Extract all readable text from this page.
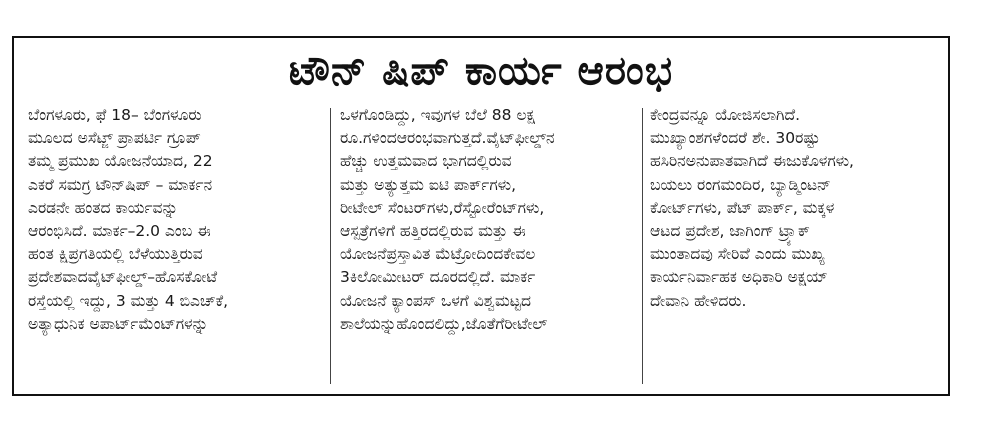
ಟೌನ್‌ ಷಿಪ್‌ ಕಾರ್ಯ ಆರಂಭ
ಬೆಂಗಳೂರು, ಫೆ 18– ಬೆಂಗಳೂರು
ಮೂಲದ ಅಸೆಟ್ಜ್‌ ಪ್ರಾಪರ್ಟಿ ಗ್ರೂಪ್‌
ತಮ್ಮ ಪ್ರಮುಖ ಯೋಜನೆಯಾದ, 22
ಎಕರೆ ಸಮಗ್ರ ಟೌನ್‌ಷಿಪ್‌ – ಮಾರ್ಕನ
ಎರಡನೇ ಹಂತದ ಕಾರ್ಯವನ್ನು
ಆರಂಭಿಸಿದೆ. ಮಾರ್ಕ–2.0 ಎಂಬ ಈ
ಹಂತ ಕ್ಷಿಪ್ರಗತಿಯಲ್ಲಿ ಬೆಳೆಯುತ್ತಿರುವ
ಪ್ರದೇಶವಾದವೈಟ್‌ಫೀಲ್ಡ್‌–ಹೊಸಕೋಟೆ
ರಸ್ತೆಯಲ್ಲಿ ಇದ್ದು, 3 ಮತ್ತು 4 ಬಿಎಚ್‌ಕೆ,
ಅತ್ಯಾಧುನಿಕ ಅಪಾರ್ಟ್‌ಮೆಂಟ್‌ಗಳನ್ನು
ಒಳಗೊಂಡಿದ್ದು, ಇವುಗಳ ಬೆಲೆ 88 ಲಕ್ಷ
ರೂ.ಗಳಿಂದಆರಂಭವಾಗುತ್ತದೆ.ವೈಟ್‌ಫೀಲ್ಡ್‌ನ
ಹೆಚ್ಚು ಉತ್ತಮವಾದ ಭಾಗದಲ್ಲಿರುವ
ಮತ್ತು ಅತ್ಯುತ್ತಮ ಐಟಿ ಪಾರ್ಕ್‌ಗಳು,
ರೀಟೇಲ್‌ ಸೆಂಟರ್‌ಗಳು,ರೆಸ್ಟೋರೆಂಟ್‌ಗಳು,
ಆಸ್ಪತ್ರೆಗಳಿಗೆ ಹತ್ತಿರದಲ್ಲಿರುವ ಮತ್ತು ಈ
ಯೋಜನೆಪ್ರಸ್ತಾವಿತ ಮೆಟ್ರೋದಿಂದಕೇವಲ
3ಕಿಲೋಮೀಟರ್‌ ದೂರದಲ್ಲಿದೆ. ಮಾರ್ಕ
ಯೋಜನೆ ಕ್ಯಾಂಪಸ್‌ ಒಳಗೆ ವಿಶ್ವಮಟ್ಟದ
ಶಾಲೆಯನ್ನುಹೊಂದಲಿದ್ದು,ಜೊತೆಗೆರೀಟೇಲ್‌
ಕೇಂದ್ರವನ್ನೂ ಯೋಜಿಸಲಾಗಿದೆ.
ಮುಖ್ಯಾಂಶಗಳೆಂದರೆ ಶೇ. 30ರಷ್ಟು
ಹಸಿರಿನಅನುಪಾತವಾಗಿದೆ ಈಜುಕೊಳಗಳು,
ಬಯಲು ರಂಗಮಂದಿರ, ಬ್ಯಾಡ್ಮಿಂಟನ್‌
ಕೋರ್ಟ್‌ಗಳು, ಪೆಟ್‌ ಪಾರ್ಕ್‌, ಮಕ್ಕಳ
ಆಟದ ಪ್ರದೇಶ, ಜಾಗಿಂಗ್‌ ಟ್ರ್ಯಾಕ್‌
ಮುಂತಾದವು ಸೇರಿವೆ ಎಂದು ಮುಖ್ಯ
ಕಾರ್ಯನಿರ್ವಾಹಕ ಅಧಿಕಾರಿ ಅಕ್ಷಯ್‌
ದೇವಾನಿ ಹೇಳಿದರು.
